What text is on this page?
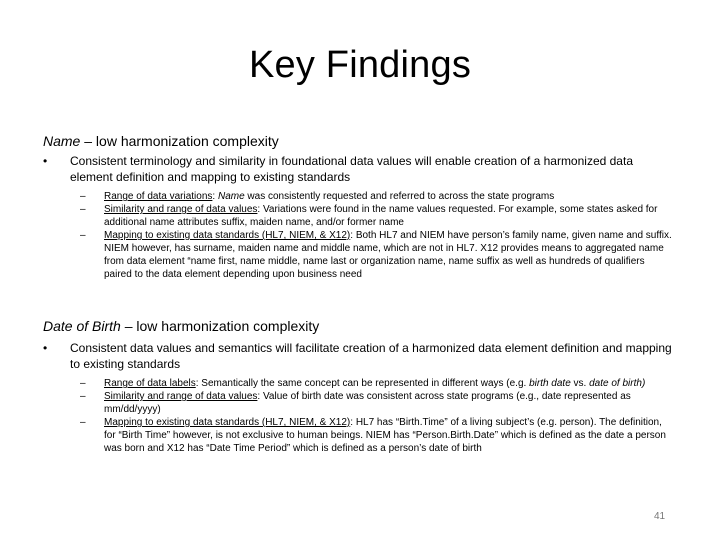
Key Findings
Name – low harmonization complexity
•	Consistent terminology and similarity in foundational data values will enable creation of a harmonized data element definition and mapping to existing standards

– Range of data variations: Name was consistently requested and referred to across the state programs

– Similarity and range of data values: Variations were found in the name values requested. For example, some states asked for additional name attributes suffix, maiden name, and/or former name

– Mapping to existing data standards (HL7, NIEM, & X12): Both HL7 and NIEM have person’s family name, given name and suffix. NIEM however, has surname, maiden name and middle name, which are not in HL7. X12 provides means to aggregated name from data element “name first, name middle, name last or organization name, name suffix as well as hundreds of qualifiers paired to the data element depending upon business need

Date of Birth – low harmonization complexity
•	Consistent data values and semantics will facilitate creation of a harmonized data element definition and mapping to existing standards

– Range of data labels: Semantically the same concept can be represented in different ways (e.g. birth date vs. date of birth)

– Similarity and range of data values: Value of birth date was consistent across state programs (e.g., date represented as mm/dd/yyyy)

– Mapping to existing data standards (HL7, NIEM, & X12): HL7 has “Birth.Time” of a living subject’s (e.g. person). The definition, for “Birth Time” however, is not exclusive to human beings. NIEM has “Person.Birth.Date” which is defined as the date a person was born and X12 has “Date Time Period” which is defined as a person’s date of birth

41
